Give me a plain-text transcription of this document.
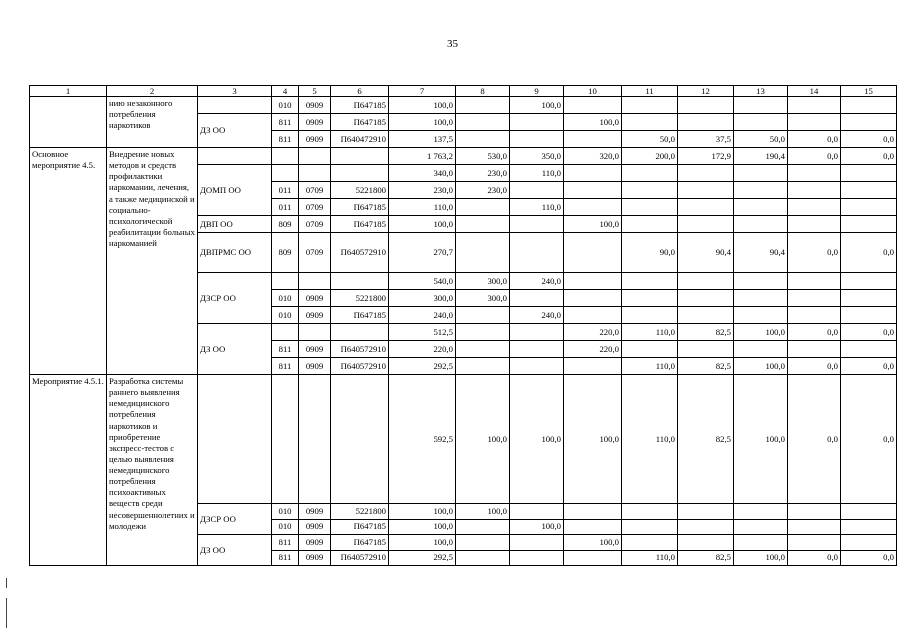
35
1	2	3	4	5	6	7	8	9	10	11	12	13	14	15
	нию незаконного потребления наркотиков		010	0909	П647185	100,0		100,0						
		ДЗ ОО	811	0909	П647185	100,0			100,0					
			811	0909	П640472910	137,5				50,0	37,5	50,0	0,0	0,0
Основное мероприятие 4.5.	Внедрение новых методов и средств профилактики наркомании, лечения, а также медицинской и социально-психологической реабилитации больных наркоманией					1 763,2	530,0	350,0	320,0	200,0	172,9	190,4	0,0	0,0
		ДОМП ОО				340,0	230,0	110,0						
			011	0709	5221800	230,0	230,0							
			011	0709	П647185	110,0		110,0						
		ДВП ОО	809	0709	П647185	100,0			100,0					
		ДВПРМС ОО	809	0709	П640572910	270,7				90,0	90,4	90,4	0,0	0,0
		ДЗСР ОО				540,0	300,0	240,0						
			010	0909	5221800	300,0	300,0							
			010	0909	П647185	240,0		240,0						
		ДЗ ОО				512,5			220,0	110,0	82,5	100,0	0,0	0,0
			811	0909	П640572910	220,0			220,0					
			811	0909	П640572910	292,5				110,0	82,5	100,0	0,0	0,0
Мероприятие 4.5.1.	Разработка системы раннего выявления немедицинского потребления наркотиков и приобретение экспресс-тестов с целью выявления немедицинского потребления психоактивных веществ среди несовершеннолетних и молодежи					592,5	100,0	100,0	100,0	110,0	82,5	100,0	0,0	0,0
		ДЗСР ОО	010	0909	5221800	100,0	100,0							
			010	0909	П647185	100,0		100,0						
		ДЗ ОО	811	0909	П647185	100,0			100,0					
			811	0909	П640572910	292,5				110,0	82,5	100,0	0,0	0,0
